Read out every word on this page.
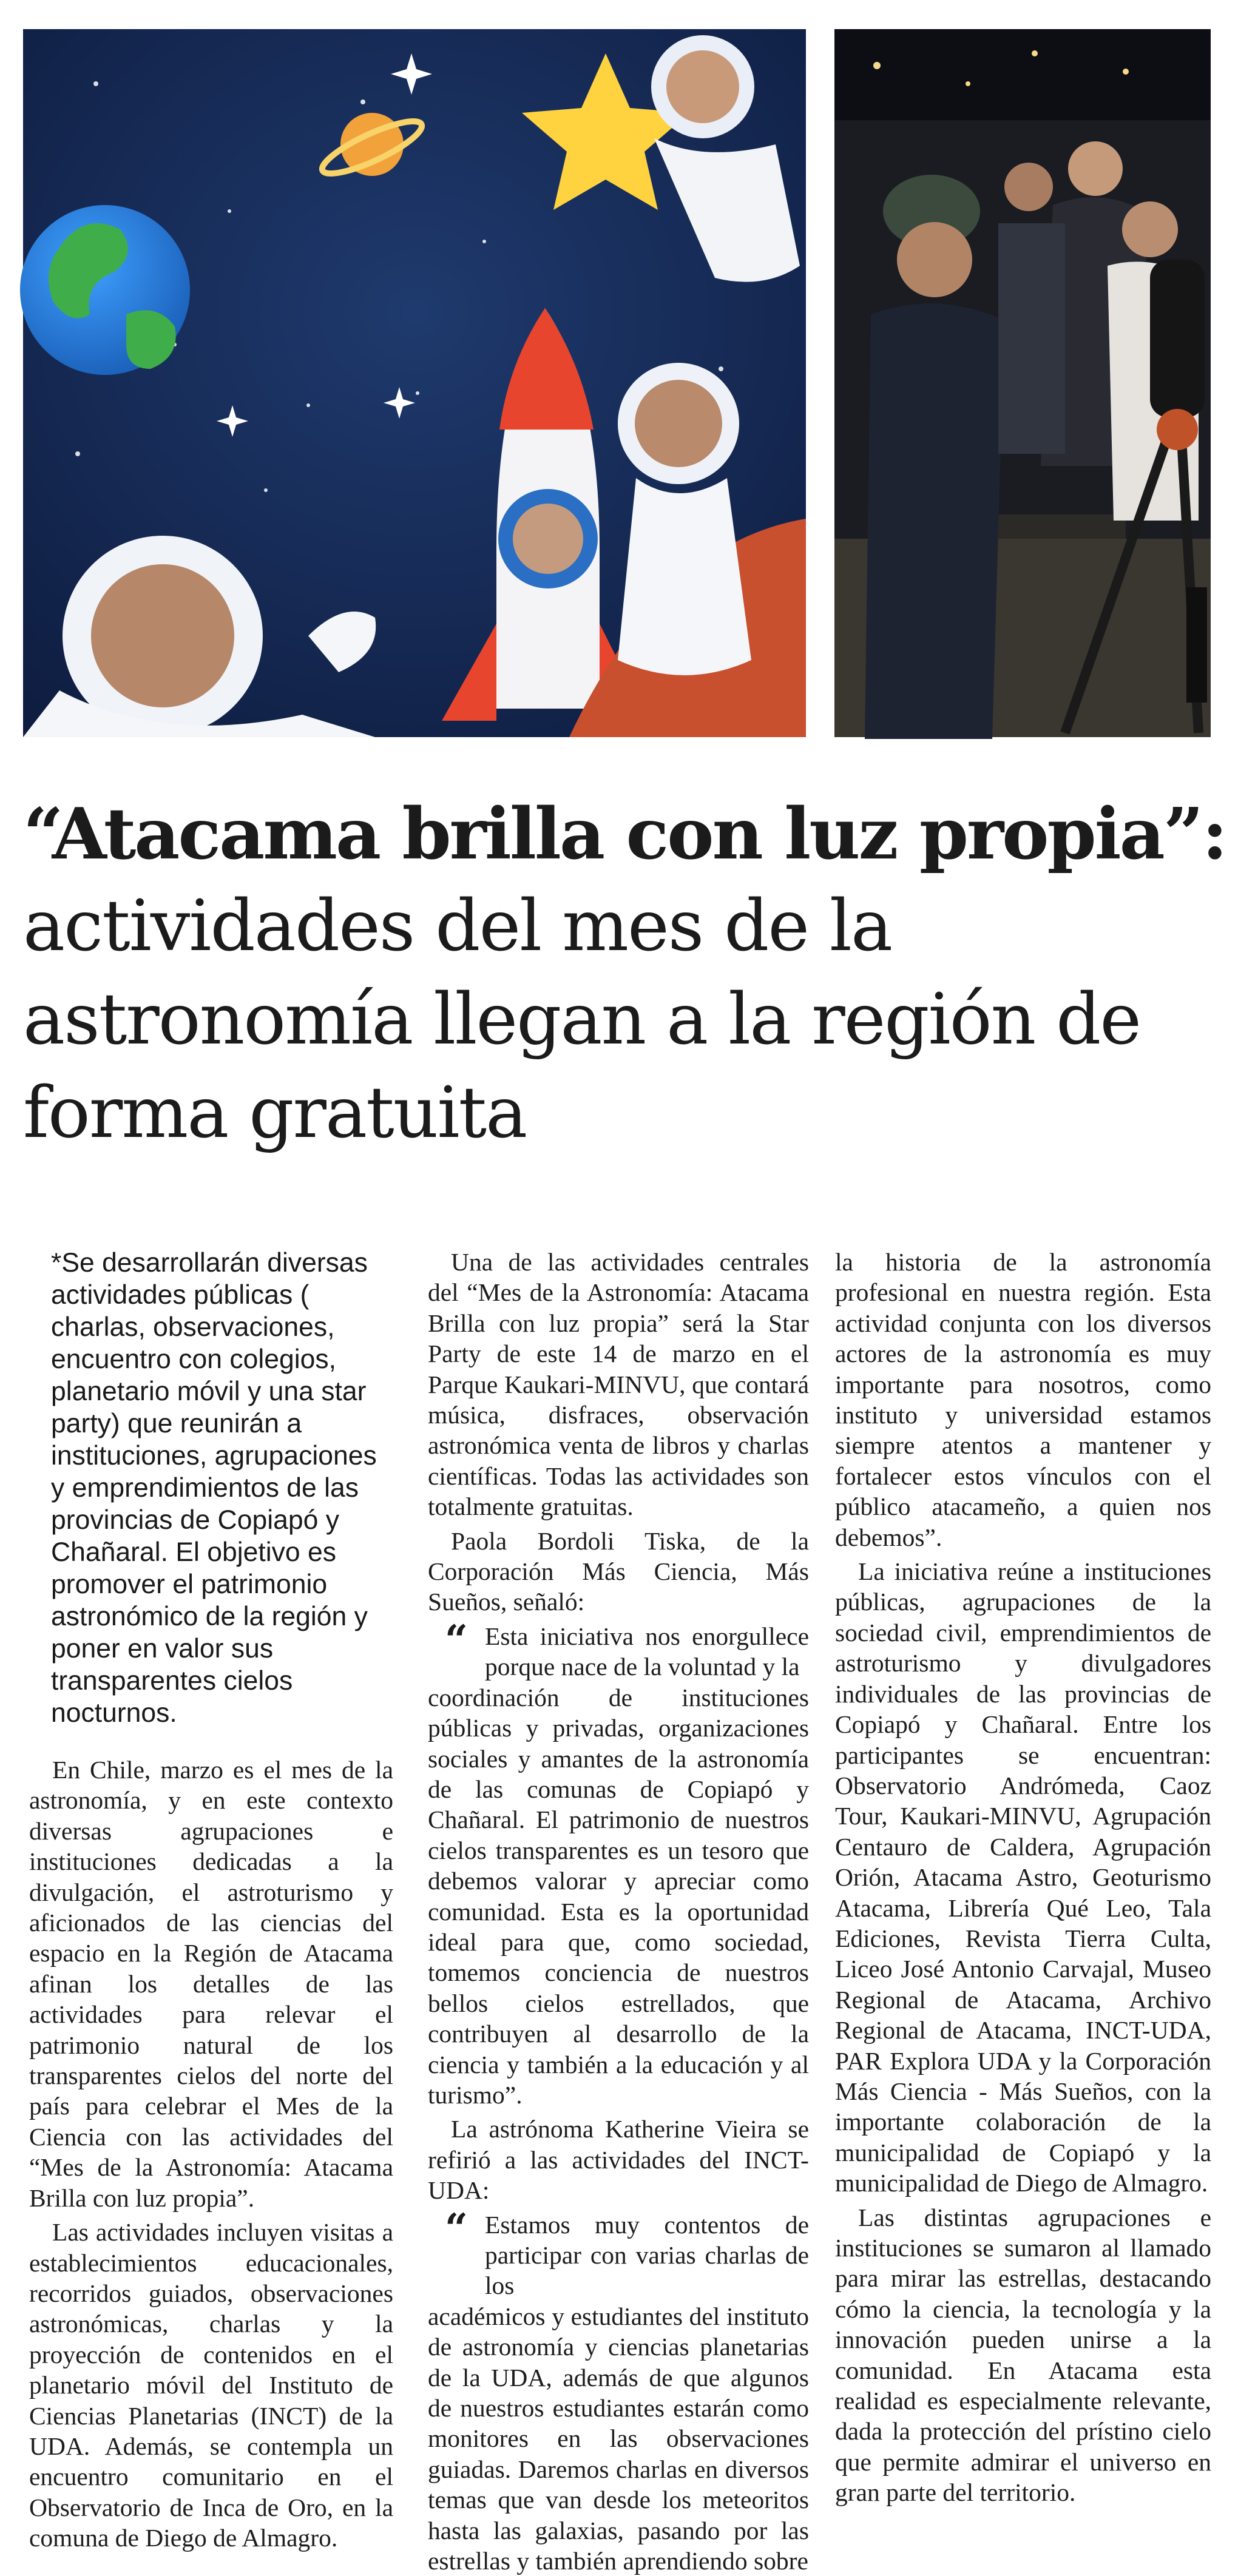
“Atacama brilla con luz propia”:
actividades del mes de la astronomía llegan a la región de forma gratuita

*Se desarrollarán diversas actividades públicas ( charlas, observaciones, encuentro con colegios, planetario móvil y una star party) que reunirán a instituciones, agrupaciones y emprendimientos de las provincias de Copiapó y Chañaral. El objetivo es promover el patrimonio astronómico de la región y poner en valor sus transparentes cielos nocturnos.

En Chile, marzo es el mes de la astronomía, y en este contexto diversas agrupaciones e instituciones dedicadas a la divulgación, el astroturismo y aficionados de las ciencias del espacio en la Región de Atacama afinan los detalles de las actividades para relevar el patrimonio natural de los transparentes cielos del norte del país para celebrar el Mes de la Ciencia con las actividades del “Mes de la Astronomía: Atacama Brilla con luz propia”.

Las actividades incluyen visitas a establecimientos educacionales, recorridos guiados, observaciones astronómicas, charlas y la proyección de contenidos en el planetario móvil del Instituto de Ciencias Planetarias (INCT) de la UDA. Además, se contempla un encuentro comunitario en el Observatorio de Inca de Oro, en la comuna de Diego de Almagro.

Una de las actividades centrales del “Mes de la Astronomía: Atacama Brilla con luz propia” será la Star Party de este 14 de marzo en el Parque Kaukari-MINVU, que contará música, disfraces, observación astronómica venta de libros y charlas científicas. Todas las actividades son totalmente gratuitas.

Paola Bordoli Tiska, de la Corporación Más Ciencia, Más Sueños, señaló:

“ Esta iniciativa nos enorgullece porque nace de la voluntad y la
coordinación de instituciones públicas y privadas, organizaciones sociales y amantes de la astronomía de las comunas de Copiapó y Chañaral. El patrimonio de nuestros cielos transparentes es un tesoro que debemos valorar y apreciar como comunidad. Esta es la oportunidad ideal para que, como sociedad, tomemos conciencia de nuestros bellos cielos estrellados, que contribuyen al desarrollo de la ciencia y también a la educación y al turismo”.

La astrónoma Katherine Vieira se refirió a las actividades del INCT-UDA:

“ Estamos muy contentos de participar con varias charlas de los
académicos y estudiantes del instituto de astronomía y ciencias planetarias de la UDA, además de que algunos de nuestros estudiantes estarán como monitores en las observaciones guiadas. Daremos charlas en diversos temas que van desde los meteoritos hasta las galaxias, pasando por las estrellas y también aprendiendo sobre

la historia de la astronomía profesional en nuestra región. Esta actividad conjunta con los diversos actores de la astronomía es muy importante para nosotros, como instituto y universidad estamos siempre atentos a mantener y fortalecer estos vínculos con el público atacameño, a quien nos debemos”.

La iniciativa reúne a instituciones públicas, agrupaciones de la sociedad civil, emprendimientos de astroturismo y divulgadores individuales de las provincias de Copiapó y Chañaral. Entre los participantes se encuentran: Observatorio Andrómeda, Caoz Tour, Kaukari-MINVU, Agrupación Centauro de Caldera, Agrupación Orión, Atacama Astro, Geoturismo Atacama, Librería Qué Leo, Tala Ediciones, Revista Tierra Culta, Liceo José Antonio Carvajal, Museo Regional de Atacama, Archivo Regional de Atacama, INCT-UDA, PAR Explora UDA y la Corporación Más Ciencia - Más Sueños, con la importante colaboración de la municipalidad de Copiapó y la municipalidad de Diego de Almagro.

Las distintas agrupaciones e instituciones se sumaron al llamado para mirar las estrellas, destacando cómo la ciencia, la tecnología y la innovación pueden unirse a la comunidad. En Atacama esta realidad es especialmente relevante, dada la protección del prístino cielo que permite admirar el universo en gran parte del territorio.
